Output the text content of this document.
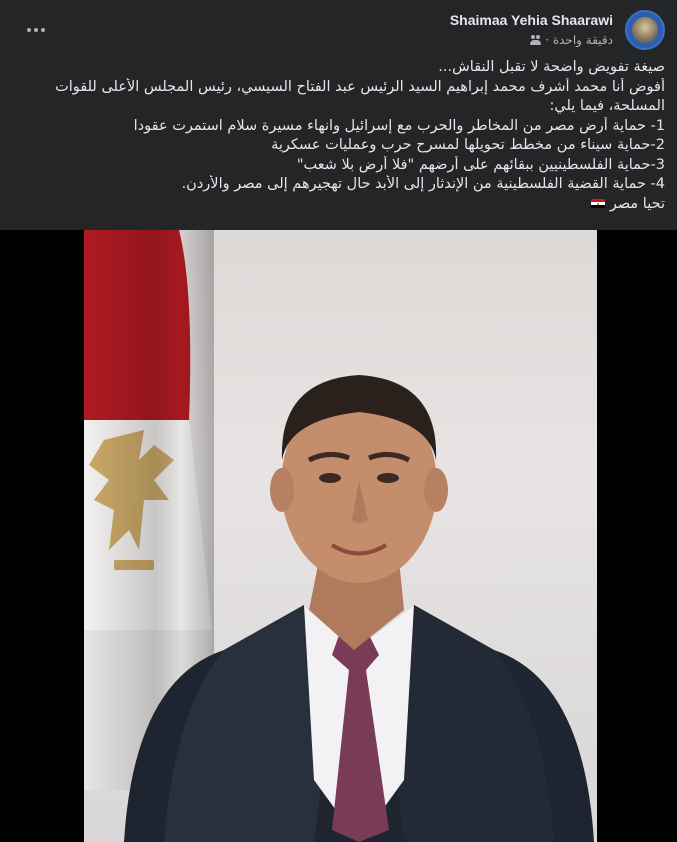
Shaimaa Yehia Shaarawi
دقيقة واحدة ·
صيغة تفويض واضحة لا تقبل النقاش...
أفوض أنا محمد أشرف محمد إبراهيم السيد الرئيس عبد الفتاح السيسي، رئيس المجلس الأعلى للقوات
المسلحة، فيما يلي:
1- حماية أرض مصر من المخاطر والحرب مع إسرائيل وانهاء مسيرة سلام استمرت عقودا
2-حماية سيناء من مخطط تحويلها لمسرح حرب وعمليات عسكرية
3-حماية الفلسطينيين ببقائهم على أرضهم "فلا أرض بلا شعب"
4- حماية القضية الفلسطينية من الإندثار إلى الأبد حال تهجيرهم إلى مصر والأردن.
تحيا مصر
